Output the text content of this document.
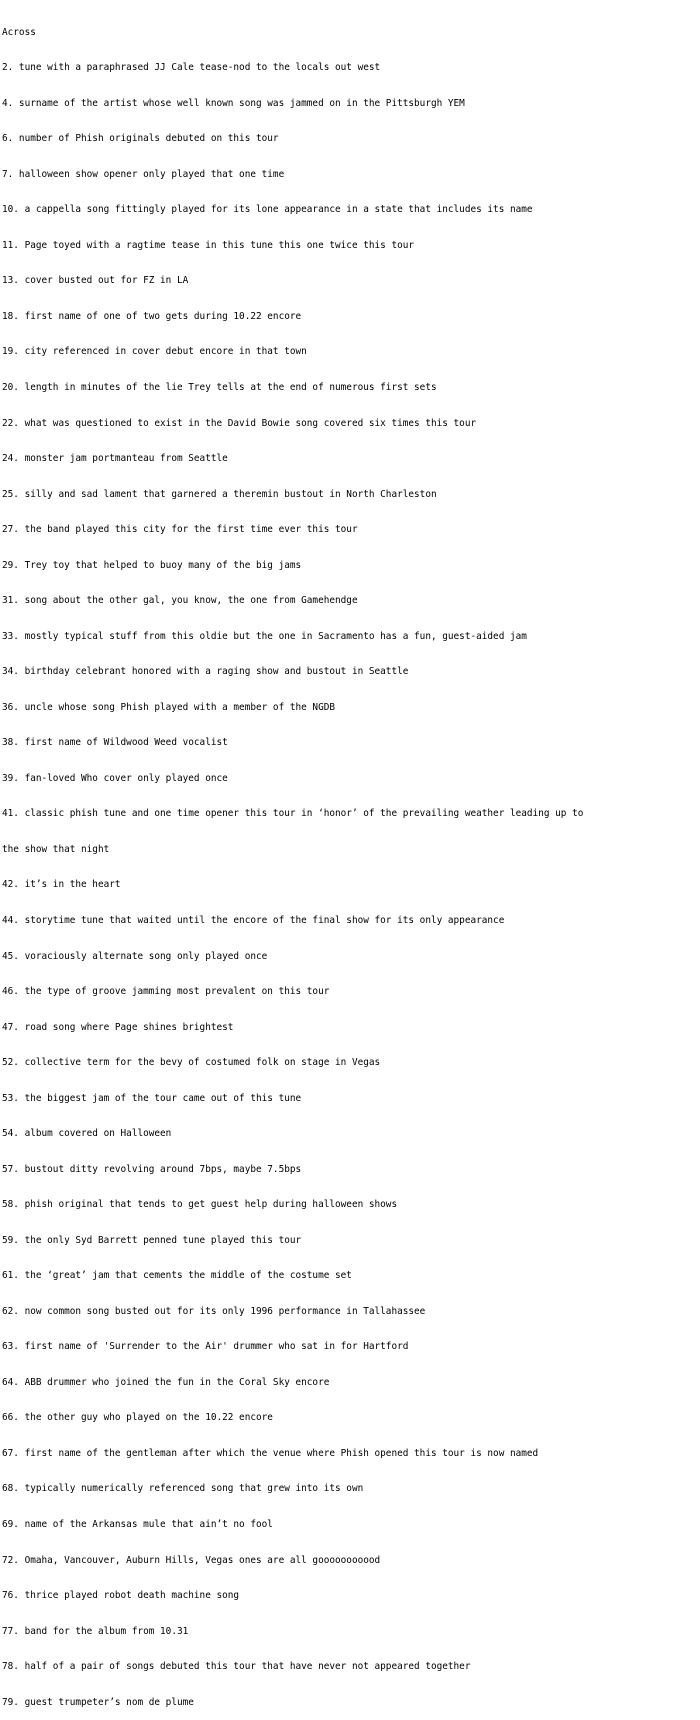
Across

2. tune with a paraphrased JJ Cale tease-nod to the locals out west

4. surname of the artist whose well known song was jammed on in the Pittsburgh YEM

6. number of Phish originals debuted on this tour

7. halloween show opener only played that one time

10. a cappella song fittingly played for its lone appearance in a state that includes its name

11. Page toyed with a ragtime tease in this tune this one twice this tour

13. cover busted out for FZ in LA

18. first name of one of two gets during 10.22 encore

19. city referenced in cover debut encore in that town

20. length in minutes of the lie Trey tells at the end of numerous first sets

22. what was questioned to exist in the David Bowie song covered six times this tour

24. monster jam portmanteau from Seattle

25. silly and sad lament that garnered a theremin bustout in North Charleston

27. the band played this city for the first time ever this tour

29. Trey toy that helped to buoy many of the big jams

31. song about the other gal, you know, the one from Gamehendge

33. mostly typical stuff from this oldie but the one in Sacramento has a fun, guest-aided jam

34. birthday celebrant honored with a raging show and bustout in Seattle

36. uncle whose song Phish played with a member of the NGDB

38. first name of Wildwood Weed vocalist

39. fan-loved Who cover only played once

41. classic phish tune and one time opener this tour in ‘honor’ of the prevailing weather leading up to

the show that night

42. it’s in the heart

44. storytime tune that waited until the encore of the final show for its only appearance

45. voraciously alternate song only played once

46. the type of groove jamming most prevalent on this tour

47. road song where Page shines brightest

52. collective term for the bevy of costumed folk on stage in Vegas

53. the biggest jam of the tour came out of this tune

54. album covered on Halloween

57. bustout ditty revolving around 7bps, maybe 7.5bps

58. phish original that tends to get guest help during halloween shows

59. the only Syd Barrett penned tune played this tour

61. the ‘great’ jam that cements the middle of the costume set

62. now common song busted out for its only 1996 performance in Tallahassee

63. first name of 'Surrender to the Air' drummer who sat in for Hartford

64. ABB drummer who joined the fun in the Coral Sky encore

66. the other guy who played on the 10.22 encore

67. first name of the gentleman after which the venue where Phish opened this tour is now named

68. typically numerically referenced song that grew into its own

69. name of the Arkansas mule that ain’t no fool

72. Omaha, Vancouver, Auburn Hills, Vegas ones are all gooooooooood

76. thrice played robot death machine song

77. band for the album from 10.31

78. half of a pair of songs debuted this tour that have never not appeared together

79. guest trumpeter’s nom de plume
